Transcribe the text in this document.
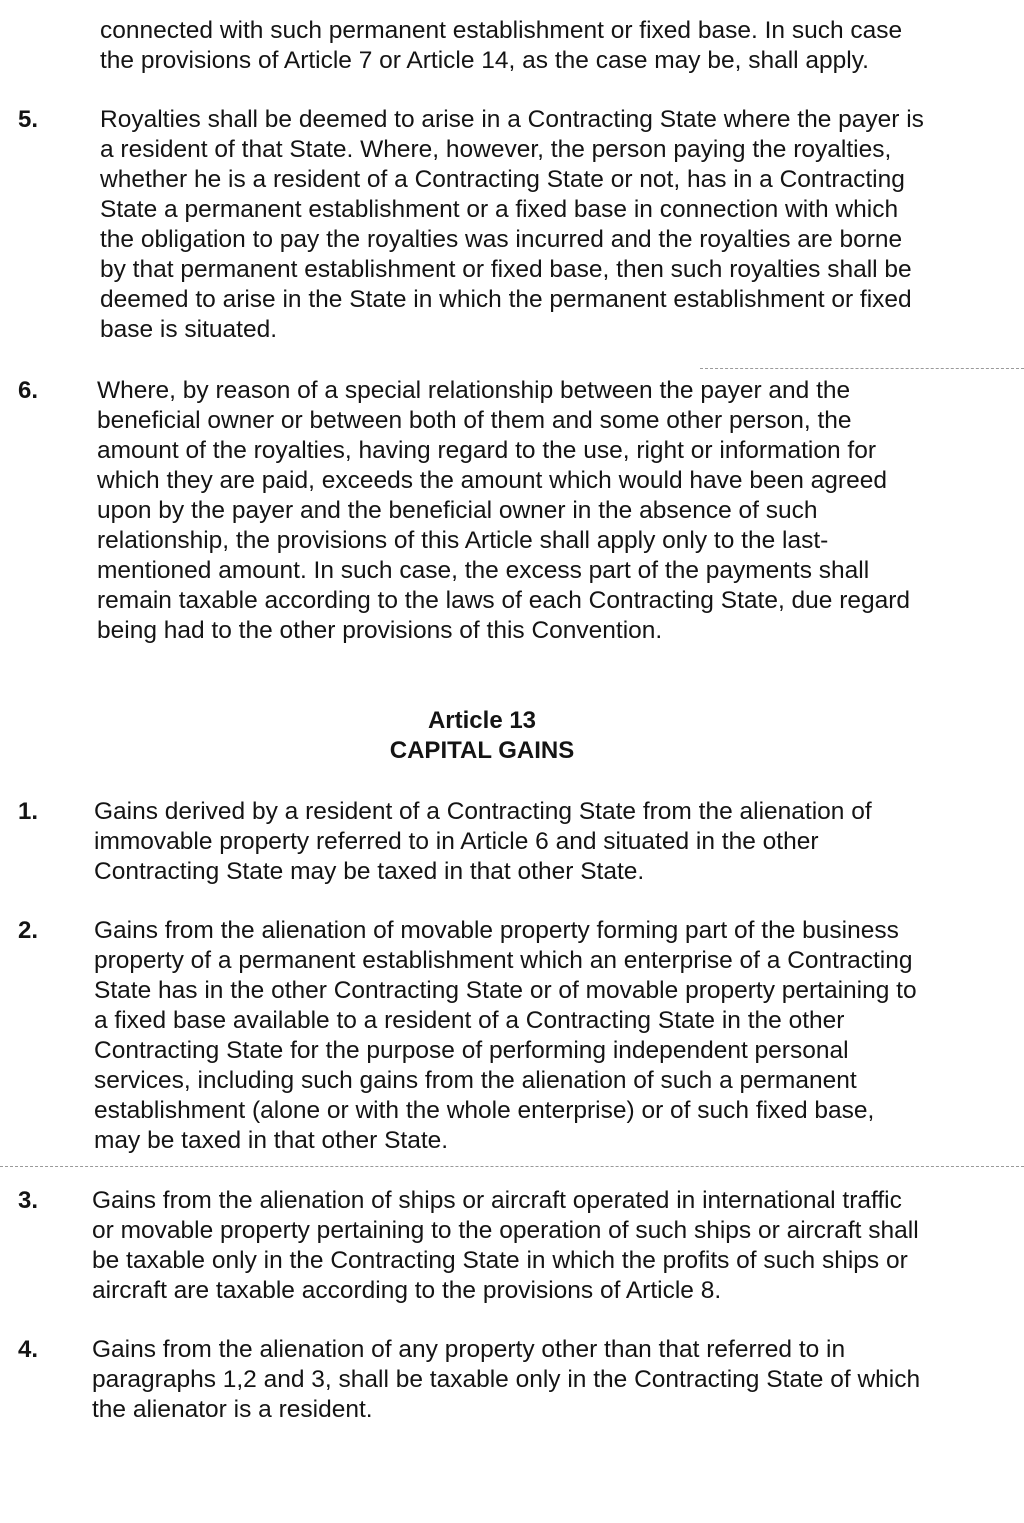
connected with such permanent establishment or fixed base. In such case
the provisions of Article 7 or Article 14, as the case may be, shall apply.
5.	Royalties shall be deemed to arise in a Contracting State where the payer is
a resident of that State. Where, however, the person paying the royalties,
whether he is a resident of a Contracting State or not, has in a Contracting
State a permanent establishment or a fixed base in connection with which
the obligation to pay the royalties was incurred and the royalties are borne
by that permanent establishment or fixed base, then such royalties shall be
deemed to arise in the State in which the permanent establishment or fixed
base is situated.
6. Where, by reason of a special relationship between the payer and the
beneficial owner or between both of them and some other person, the
amount of the royalties, having regard to the use, right or information for
which they are paid, exceeds the amount which would have been agreed
upon by the payer and the beneficial owner in the absence of such
relationship, the provisions of this Article shall apply only to the last-
mentioned amount. In such case, the excess part of the payments shall
remain taxable according to the laws of each Contracting State, due regard
being had to the other provisions of this Convention.
Article 13
CAPITAL GAINS
1. Gains derived by a resident of a Contracting State from the alienation of
immovable property referred to in Article 6 and situated in the other
Contracting State may be taxed in that other State.
2. Gains from the alienation of movable property forming part of the business
property of a permanent establishment which an enterprise of a Contracting
State has in the other Contracting State or of movable property pertaining to
a fixed base available to a resident of a Contracting State in the other
Contracting State for the purpose of performing independent personal
services, including such gains from the alienation of such a permanent
establishment (alone or with the whole enterprise) or of such fixed base,
may be taxed in that other State.
3. Gains from the alienation of ships or aircraft operated in international traffic
or movable property pertaining to the operation of such ships or aircraft shall
be taxable only in the Contracting State in which the profits of such ships or
aircraft are taxable according to the provisions of Article 8.
4. Gains from the alienation of any property other than that referred to in
paragraphs 1,2 and 3, shall be taxable only in the Contracting State of which
the alienator is a resident.
